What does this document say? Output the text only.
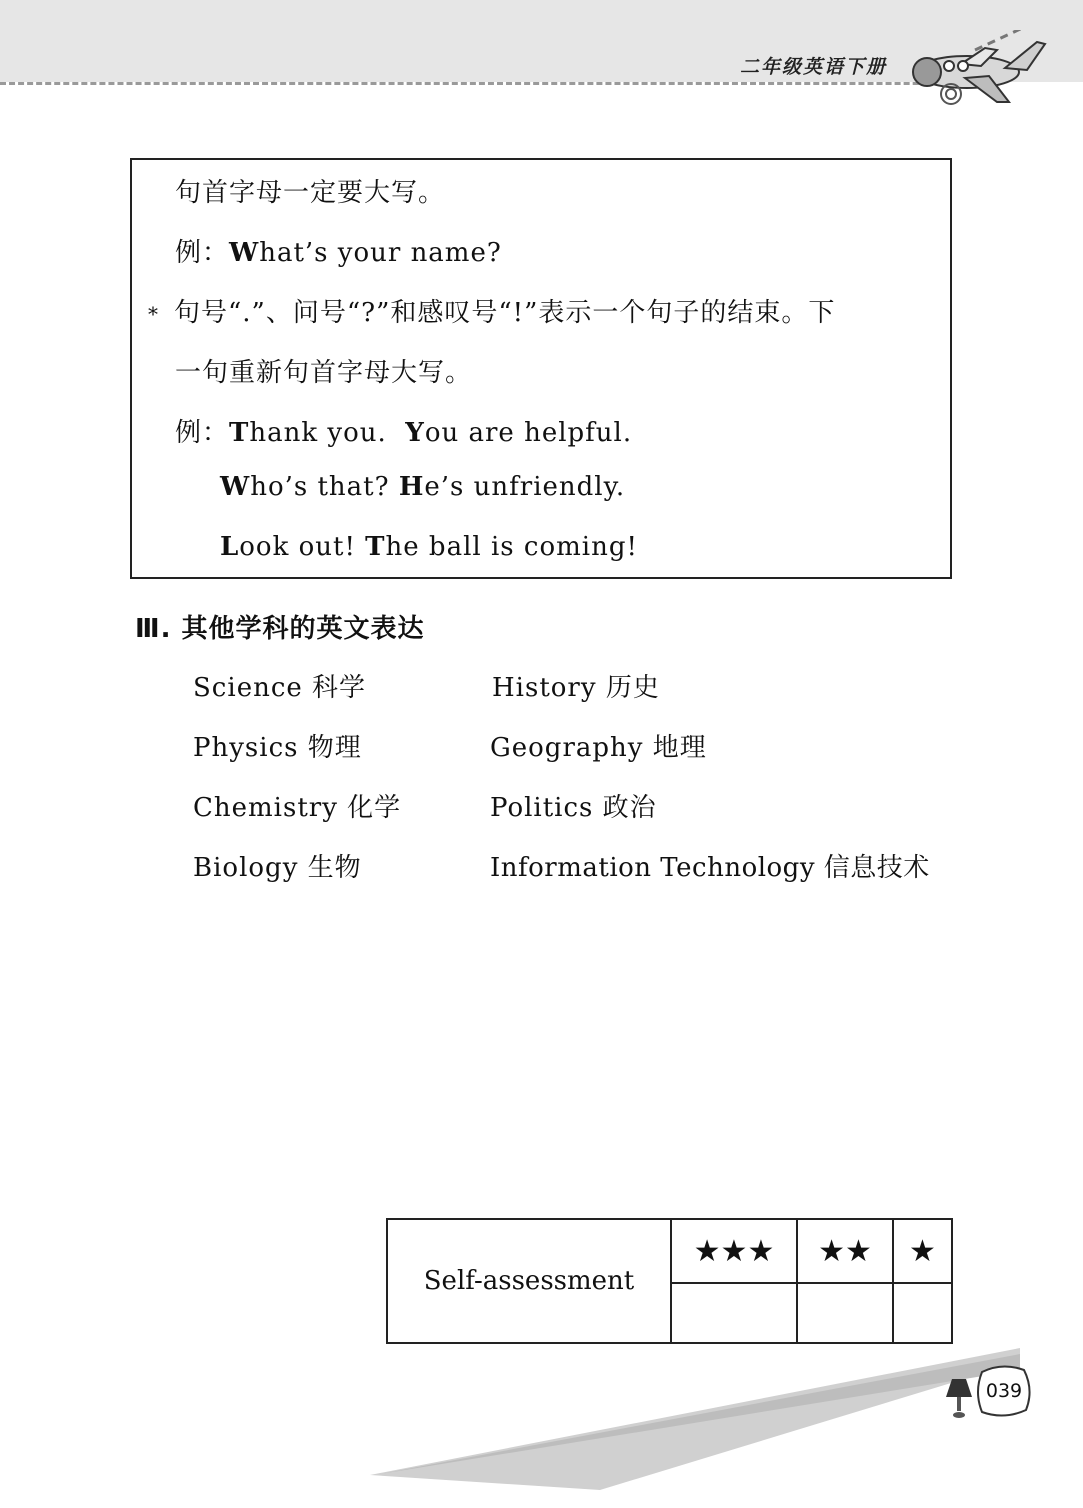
二年级英语下册
句首字母一定要大写。
例：What’s your name?
* 句号“.”、问号“?”和感叹号“!”表示一个句子的结束。下
一句重新句首字母大写。
例：Thank you. You are helpful.
Who’s that? He’s unfriendly.
Look out! The ball is coming!
Ⅲ. 其他学科的英文表达
Science 科学	History 历史
Physics 物理	Geography 地理
Chemistry 化学	Politics 政治
Biology 生物	Information Technology 信息技术
Self-assessment	★★★	★★	★

039
